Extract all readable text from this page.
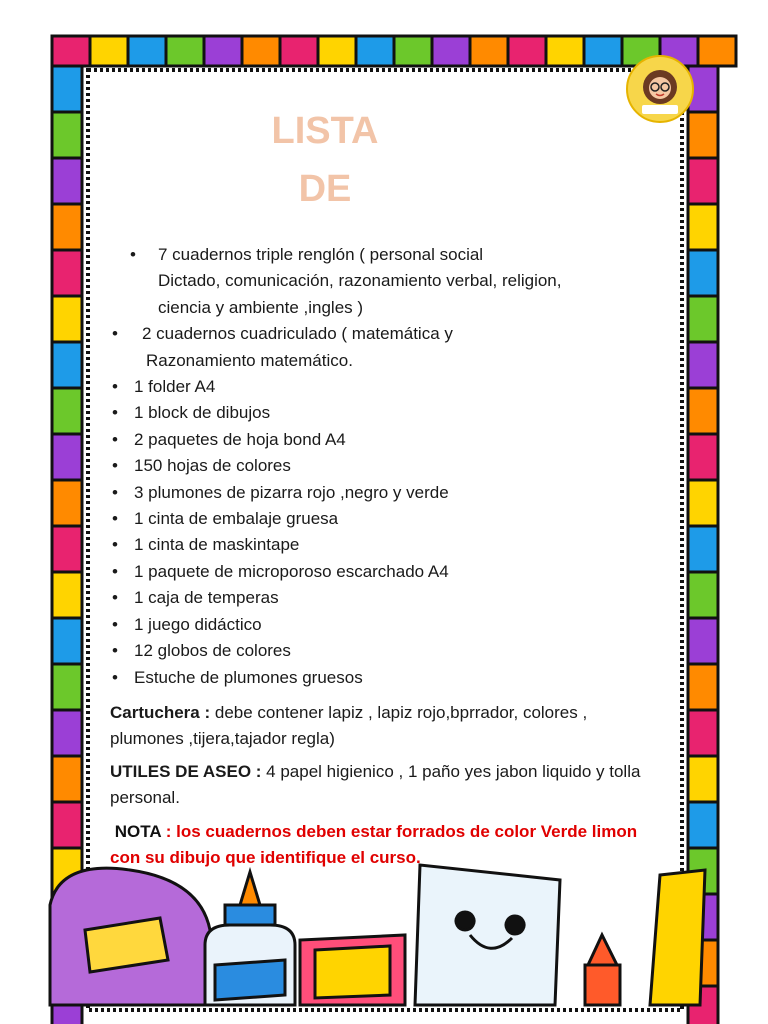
LISTA
DE
• 7 cuadernos triple renglón ( personal social
Dictado, comunicación, razonamiento verbal, religion,
ciencia y ambiente ,ingles )
• 2 cuadernos cuadriculado ( matemática y
Razonamiento matemático.
• 1 folder A4
• 1 block de dibujos
• 2 paquetes de hoja bond A4
• 150 hojas de colores
• 3 plumones de pizarra rojo ,negro y verde
• 1 cinta de embalaje gruesa
• 1 cinta de maskintape
• 1 paquete de microporoso escarchado A4
• 1 caja de temperas
• 1 juego didáctico
• 12 globos de colores
• Estuche de plumones gruesos
Cartuchera : debe contener lapiz , lapiz rojo,bprrador, colores , plumones ,tijera,tajador regla)
UTILES DE ASEO : 4 papel higienico , 1 paño yes jabon liquido y tolla personal.
NOTA : los cuadernos deben estar forrados de color Verde limon con su dibujo que identifique el curso.
